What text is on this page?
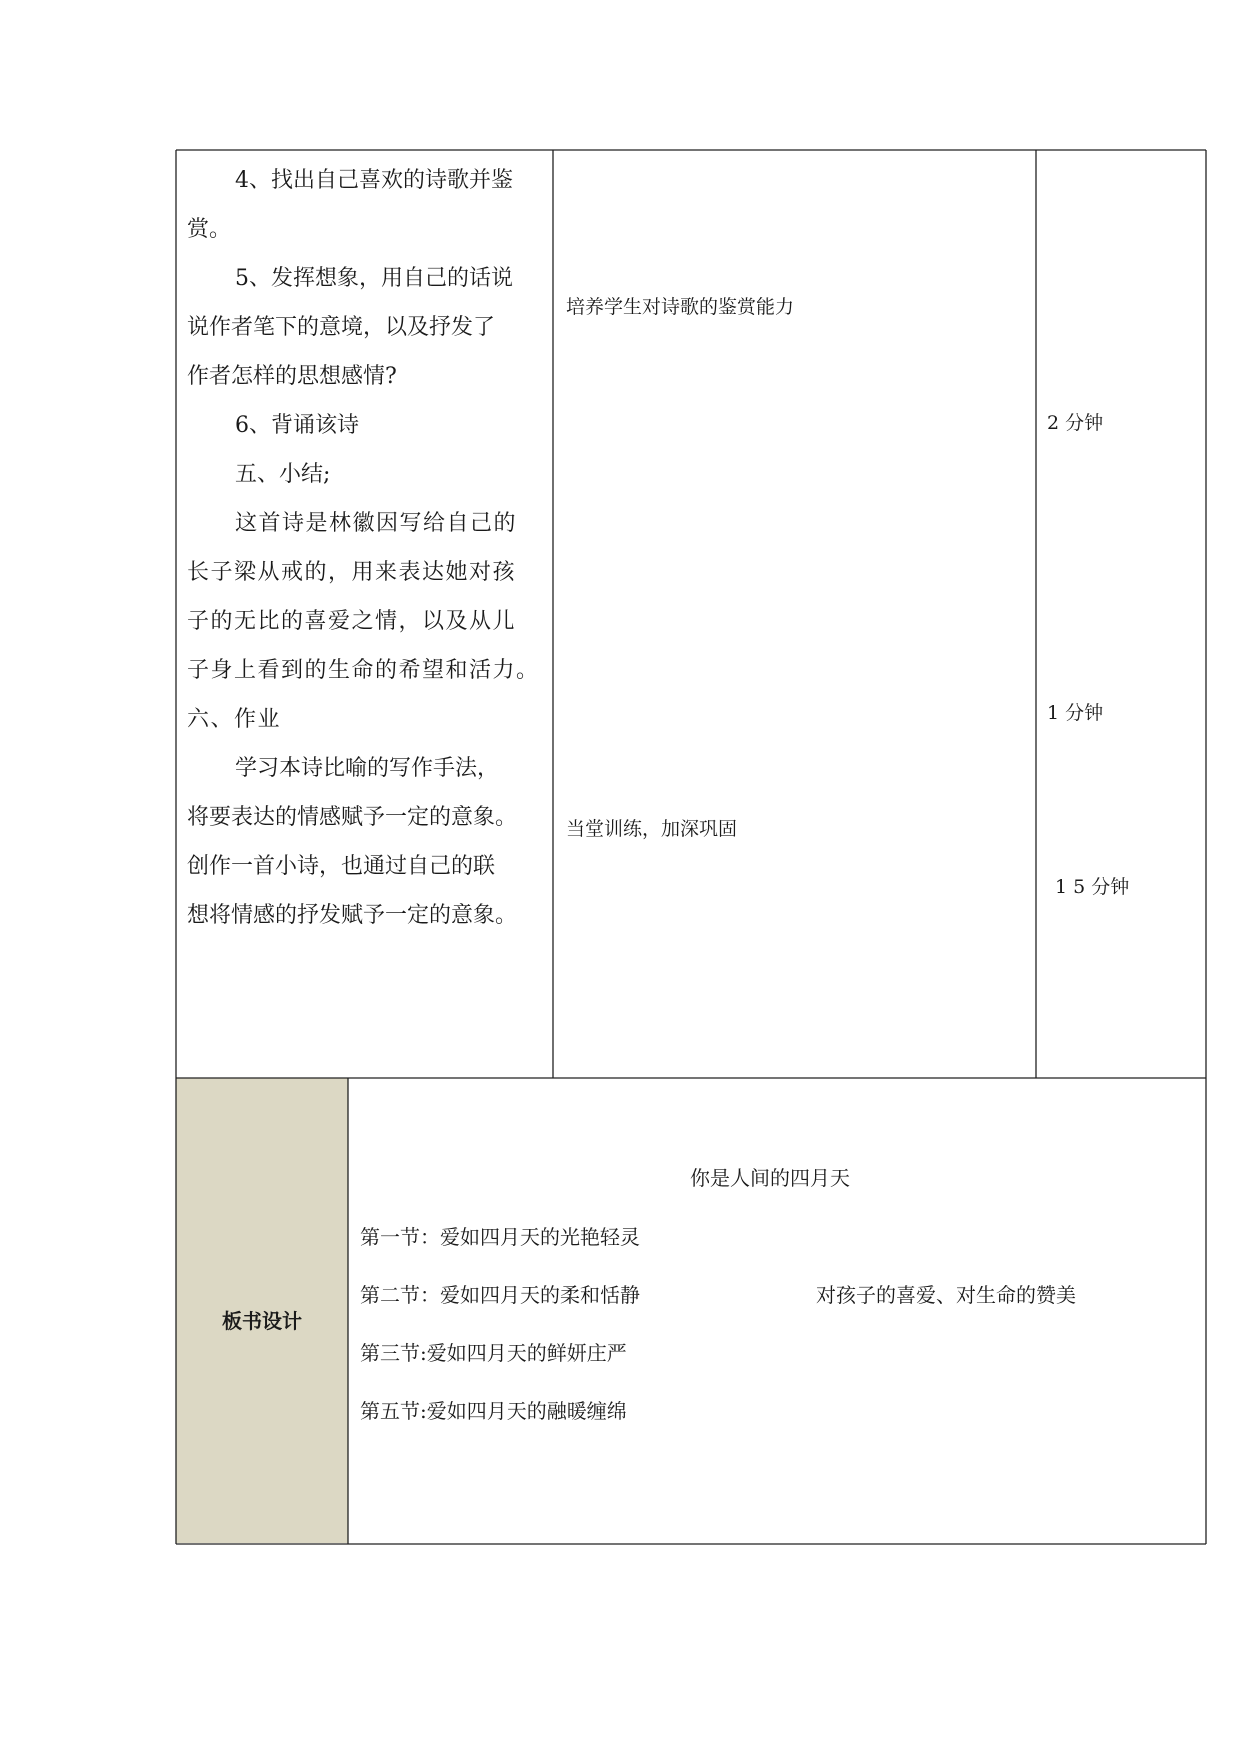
4、找出自己喜欢的诗歌并鉴

赏。

5、发挥想象，用自己的话说

说作者笔下的意境，以及抒发了

作者怎样的思想感情?

6、背诵该诗

五、小结;

这首诗是林徽因写给自己的

长子梁从戒的，用来表达她对孩

子的无比的喜爱之情，以及从儿

子身上看到的生命的希望和活力。

六、作业

学习本诗比喻的写作手法，

将要表达的情感赋予一定的意象。

创作一首小诗，也通过自己的联

想将情感的抒发赋予一定的意象。

培养学生对诗歌的鉴赏能力
当堂训练，加深巩固
2 分钟
1 分钟
1 5 分钟
板书设计
你是人间的四月天
第一节：爱如四月天的光艳轻灵
第二节：爱如四月天的柔和恬静
第三节:爱如四月天的鲜妍庄严
第五节:爱如四月天的融暖缠绵
对孩子的喜爱、对生命的赞美
